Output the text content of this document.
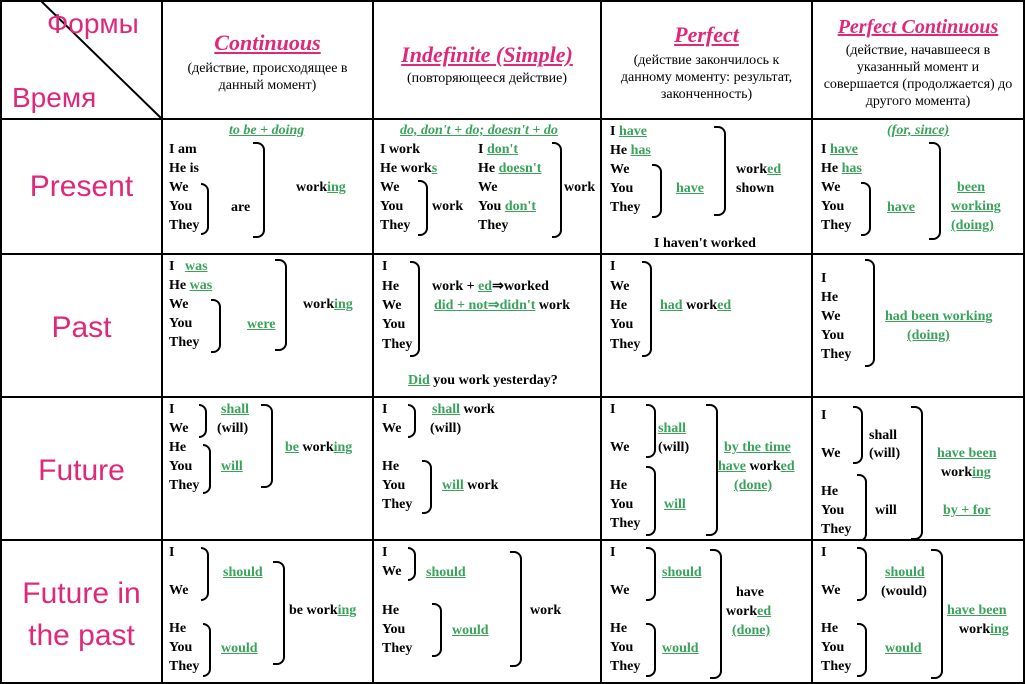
Формы
Время
Continuous
(действие, происходящее в данный момент)
Indefinite (Simple)
(повторяющееся действие)
Perfect
(действие закончилось к данному моменту: результат, законченность)
Perfect Continuous
(действие, начавшееся в указанный момент и совершается (продолжается) до другого момента)
Present
Past
Future
Future in the past
to be + doing
I am
He is
We
You
They
are
working
do, don't + do; doesn't + do
I work
He works
We
You
They
work
I don't
He doesn't
We
You don't
They
work
I have
He has
We
You
They
have
worked
shown
I haven't worked
(for, since)
I have
He has
We
You
They
have
been
working
(doing)
I was
He was
We
You
They
were
working
I
He
We
You
They
work + ed⇒worked
did + not⇒didn't work
Did you work yesterday?
I
We
He
You
They
had worked
I
He
We
You
They
had been working
(doing)
I
We
He
You
They
shall
(will)
will
be working
I
We
shall work
(will)
He
You
They
will work
I
We
shall
(will)
He
You
They
will
by the time
have worked
(done)
I
We
shall
(will)
He
You
They
will
have been
working
by + for
I
We
should
He
You
They
would
be working
I
We should
He
You
They
would
work
I
We
should
He
You
They
would
have
worked
(done)
I
We
should
(would)
He
You
They
would
have been
working
